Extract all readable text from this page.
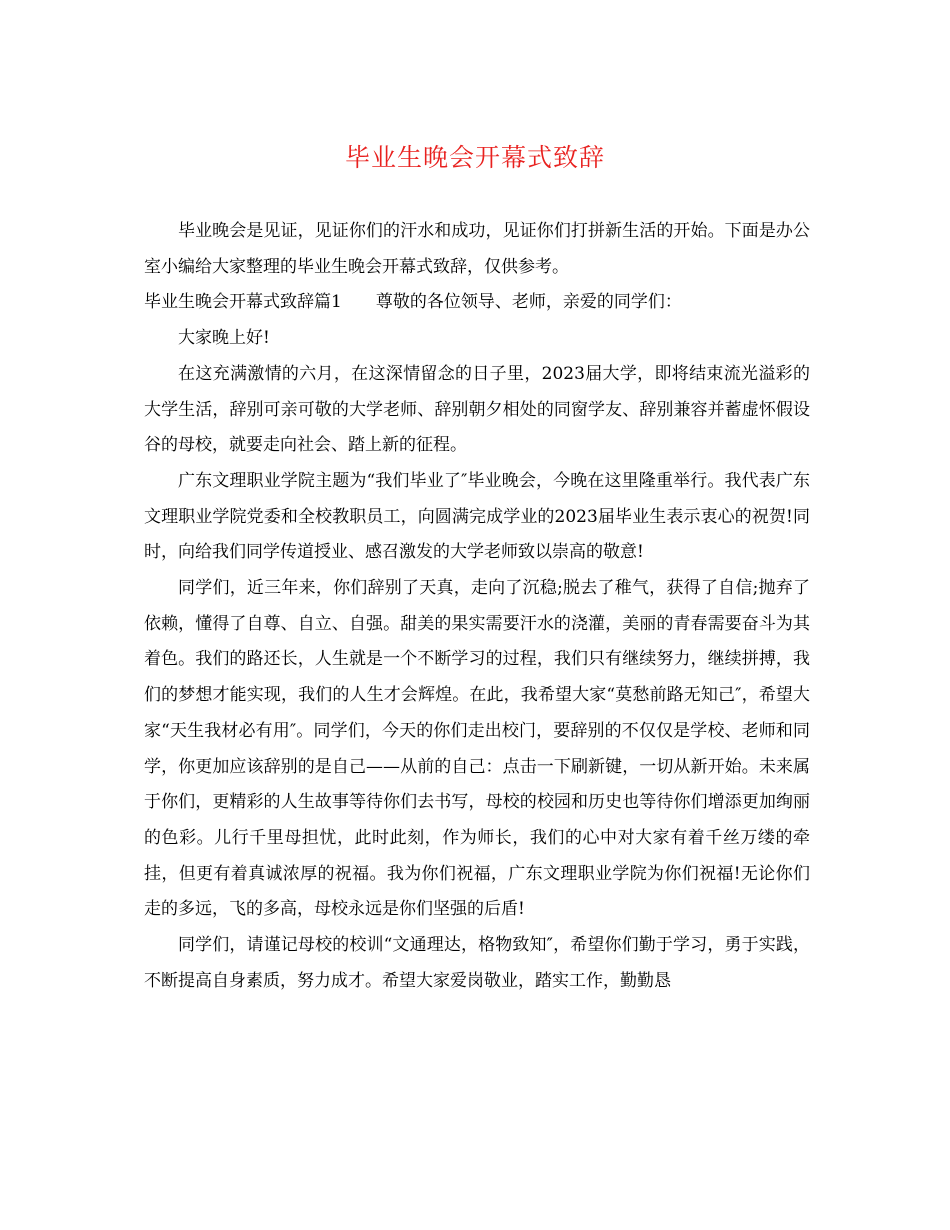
毕业生晚会开幕式致辞

毕业晚会是见证，见证你们的汗水和成功，见证你们打拼新生活的开始。下面是办公室小编给大家整理的毕业生晚会开幕式致辞，仅供参考。

毕业生晚会开幕式致辞篇1 尊敬的各位领导、老师，亲爱的同学们：

大家晚上好!

在这充满激情的六月，在这深情留念的日子里，2023届大学，即将结束流光溢彩的大学生活，辞别可亲可敬的大学老师、辞别朝夕相处的同窗学友、辞别兼容并蓄虚怀假设谷的母校，就要走向社会、踏上新的征程。

广东文理职业学院主题为“我们毕业了″毕业晚会，今晚在这里隆重举行。我代表广东文理职业学院党委和全校教职员工，向圆满完成学业的2023届毕业生表示衷心的祝贺!同时，向给我们同学传道授业、感召激发的大学老师致以崇高的敬意!

同学们，近三年来，你们辞别了天真，走向了沉稳;脱去了稚气，获得了自信;抛弃了依赖，懂得了自尊、自立、自强。甜美的果实需要汗水的浇灌，美丽的青春需要奋斗为其着色。我们的路还长，人生就是一个不断学习的过程，我们只有继续努力，继续拼搏，我们的梦想才能实现，我们的人生才会辉煌。在此，我希望大家“莫愁前路无知己″，希望大家“天生我材必有用″。同学们，今天的你们走出校门，要辞别的不仅仅是学校、老师和同学，你更加应该辞别的是自己——从前的自己：点击一下刷新键，一切从新开始。未来属于你们，更精彩的人生故事等待你们去书写，母校的校园和历史也等待你们增添更加绚丽的色彩。儿行千里母担忧，此时此刻，作为师长，我们的心中对大家有着千丝万缕的牵挂，但更有着真诚浓厚的祝福。我为你们祝福，广东文理职业学院为你们祝福!无论你们走的多远，飞的多高，母校永远是你们坚强的后盾!

同学们，请谨记母校的校训“文通理达，格物致知″，希望你们勤于学习，勇于实践，不断提高自身素质，努力成才。希望大家爱岗敬业，踏实工作，勤勤恳
